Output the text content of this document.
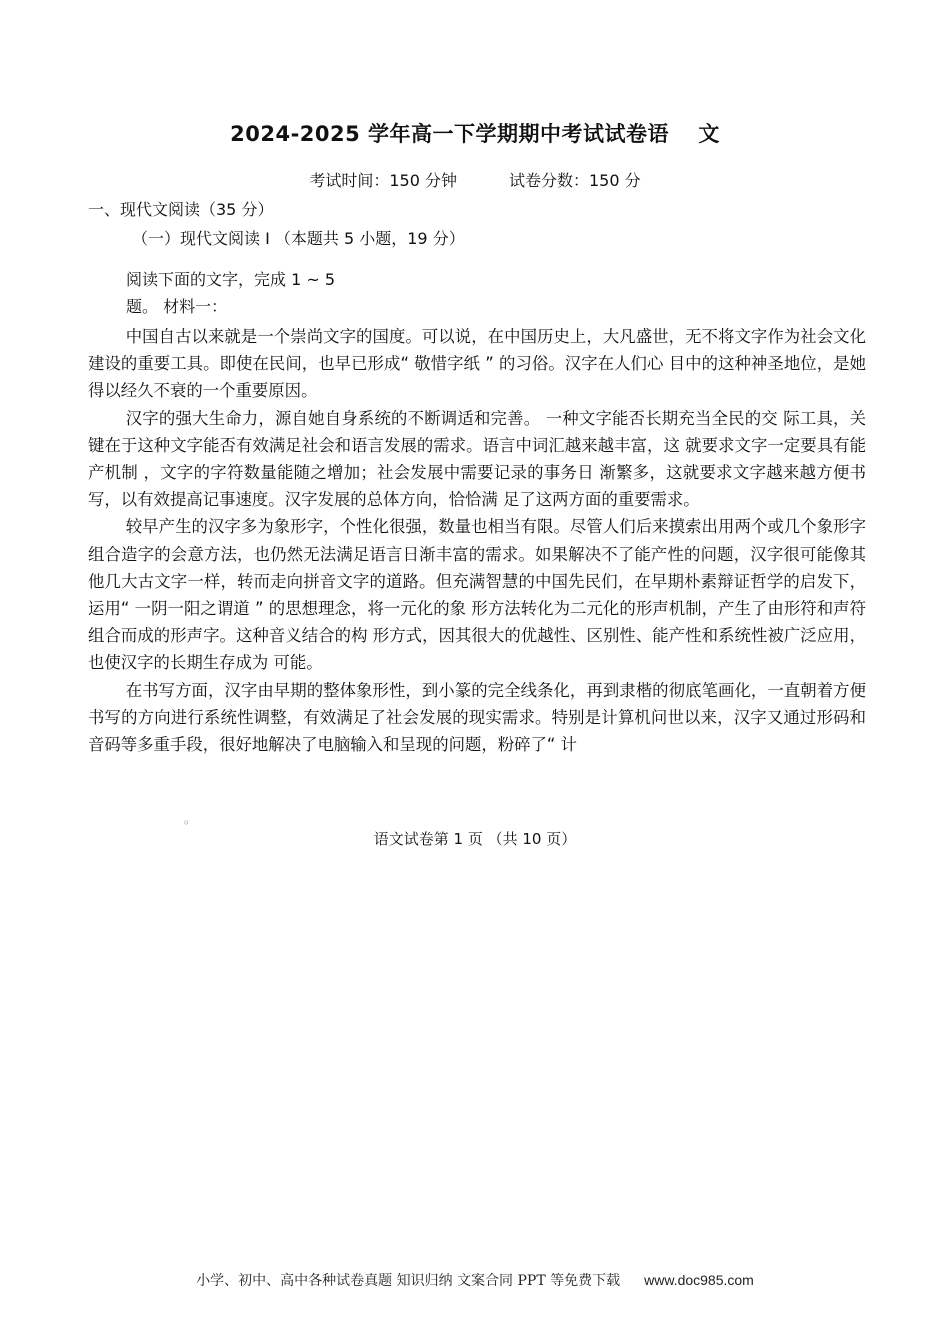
2024-2025 学年高一下学期期中考试试卷语　 文
考试时间：150 分钟	试卷分数：150 分
一、现代文阅读（35 分）
（一）现代文阅读 I （本题共 5 小题，19 分）
阅读下面的文字，完成 1 ~ 5
题。 材料一：

中国自古以来就是一个崇尚文字的国度。可以说，在中国历史上，大凡盛世，无不将文字作为社会文化建设的重要工具。即使在民间，也早已形成“ 敬惜字纸 ” 的习俗。汉字在人们心 目中的这种神圣地位，是她得以经久不衰的一个重要原因。

汉字的强大生命力，源自她自身系统的不断调适和完善。 一种文字能否长期充当全民的交 际工具，关键在于这种文字能否有效满足社会和语言发展的需求。语言中词汇越来越丰富，这 就要求文字一定要具有能产机制 ，文字的字符数量能随之增加；社会发展中需要记录的事务日 渐繁多，这就要求文字越来越方便书写，以有效提高记事速度。汉字发展的总体方向，恰恰满 足了这两方面的重要需求。

较早产生的汉字多为象形字，个性化很强，数量也相当有限。尽管人们后来摸索出用两个或几个象形字组合造字的会意方法，也仍然无法满足语言日渐丰富的需求。如果解决不了能产性的问题，汉字很可能像其他几大古文字一样，转而走向拼音文字的道路。但充满智慧的中国先民们，在早期朴素辩证哲学的启发下，运用“ 一阴一阳之谓道 ” 的思想理念，将一元化的象 形方法转化为二元化的形声机制，产生了由形符和声符组合而成的形声字。这种音义结合的构 形方式，因其很大的优越性、区别性、能产性和系统性被广泛应用，也使汉字的长期生存成为 可能。

在书写方面，汉字由早期的整体象形性，到小篆的完全线条化，再到隶楷的彻底笔画化，一直朝着方便书写的方向进行系统性调整，有效满足了社会发展的现实需求。特别是计算机问世以来，汉字又通过形码和音码等多重手段，很好地解决了电脑输入和呈现的问题，粉碎了“ 计

。
语文试卷第 1 页 （共 10 页）
小学、初中、高中各种试卷真题 知识归纳 文案合同 PPT 等免费下载 www.doc985.com
